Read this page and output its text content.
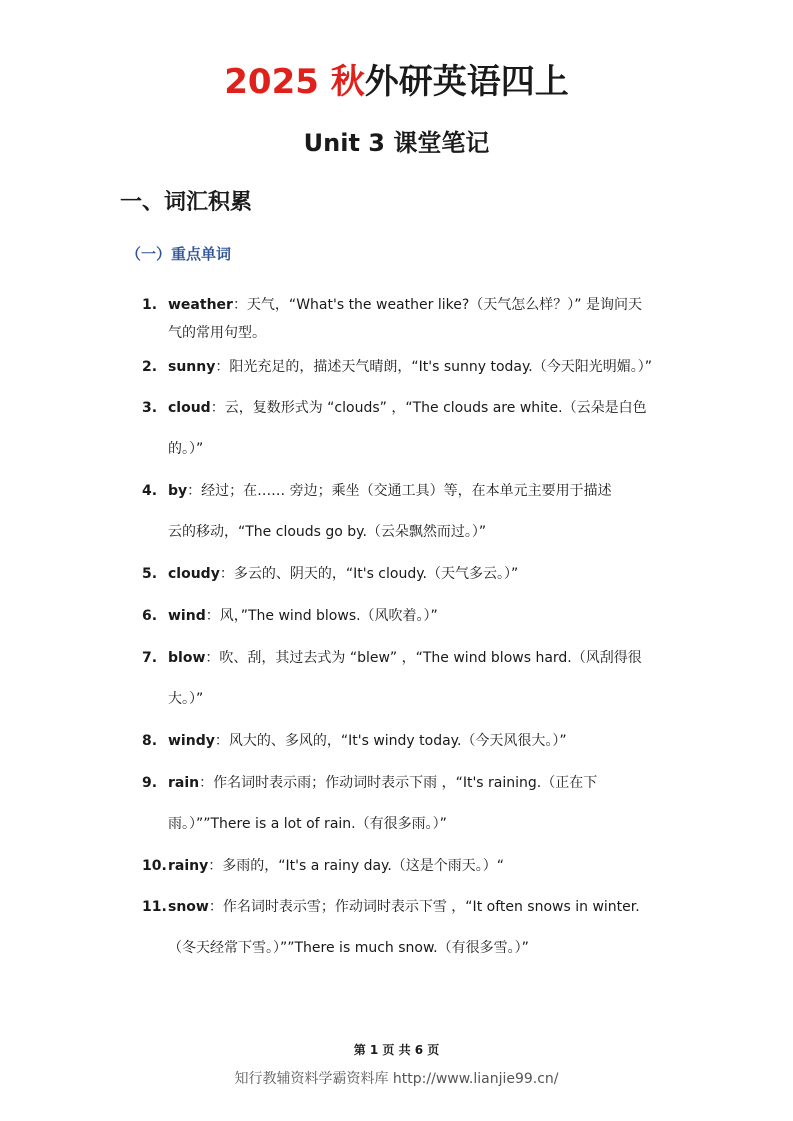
2025 秋外研英语四上
Unit 3 课堂笔记
一、词汇积累
（一）重点单词
1. weather：天气，“What's the weather like?（天气怎么样？）” 是询问天
气的常用句型。
2. sunny：阳光充足的，描述天气晴朗，“It's sunny today.（今天阳光明媚。）”
3. cloud：云，复数形式为 “clouds” ，“The clouds are white.（云朵是白色
的。）”
4. by：经过；在…… 旁边；乘坐（交通工具）等，在本单元主要用于描述
云的移动，“The clouds go by.（云朵飘然而过。）”
5. cloudy：多云的、阴天的，“It's cloudy.（天气多云。）”
6. wind：风，”The wind blows.（风吹着。）”
7. blow：吹、刮，其过去式为 “blew” ，“The wind blows hard.（风刮得很
大。）”
8. windy：风大的、多风的，“It's windy today.（今天风很大。）”
9. rain：作名词时表示雨；作动词时表示下雨 ，“It's raining.（正在下
雨。）””There is a lot of rain.（有很多雨。）”
10.rainy：多雨的，“It's a rainy day.（这是个雨天。）“
11.snow：作名词时表示雪；作动词时表示下雪 ，“It often snows in winter.
（冬天经常下雪。）””There is much snow.（有很多雪。）”
第 1 页 共 6 页
知行教辅资料学霸资料库 http://www.lianjie99.cn/
